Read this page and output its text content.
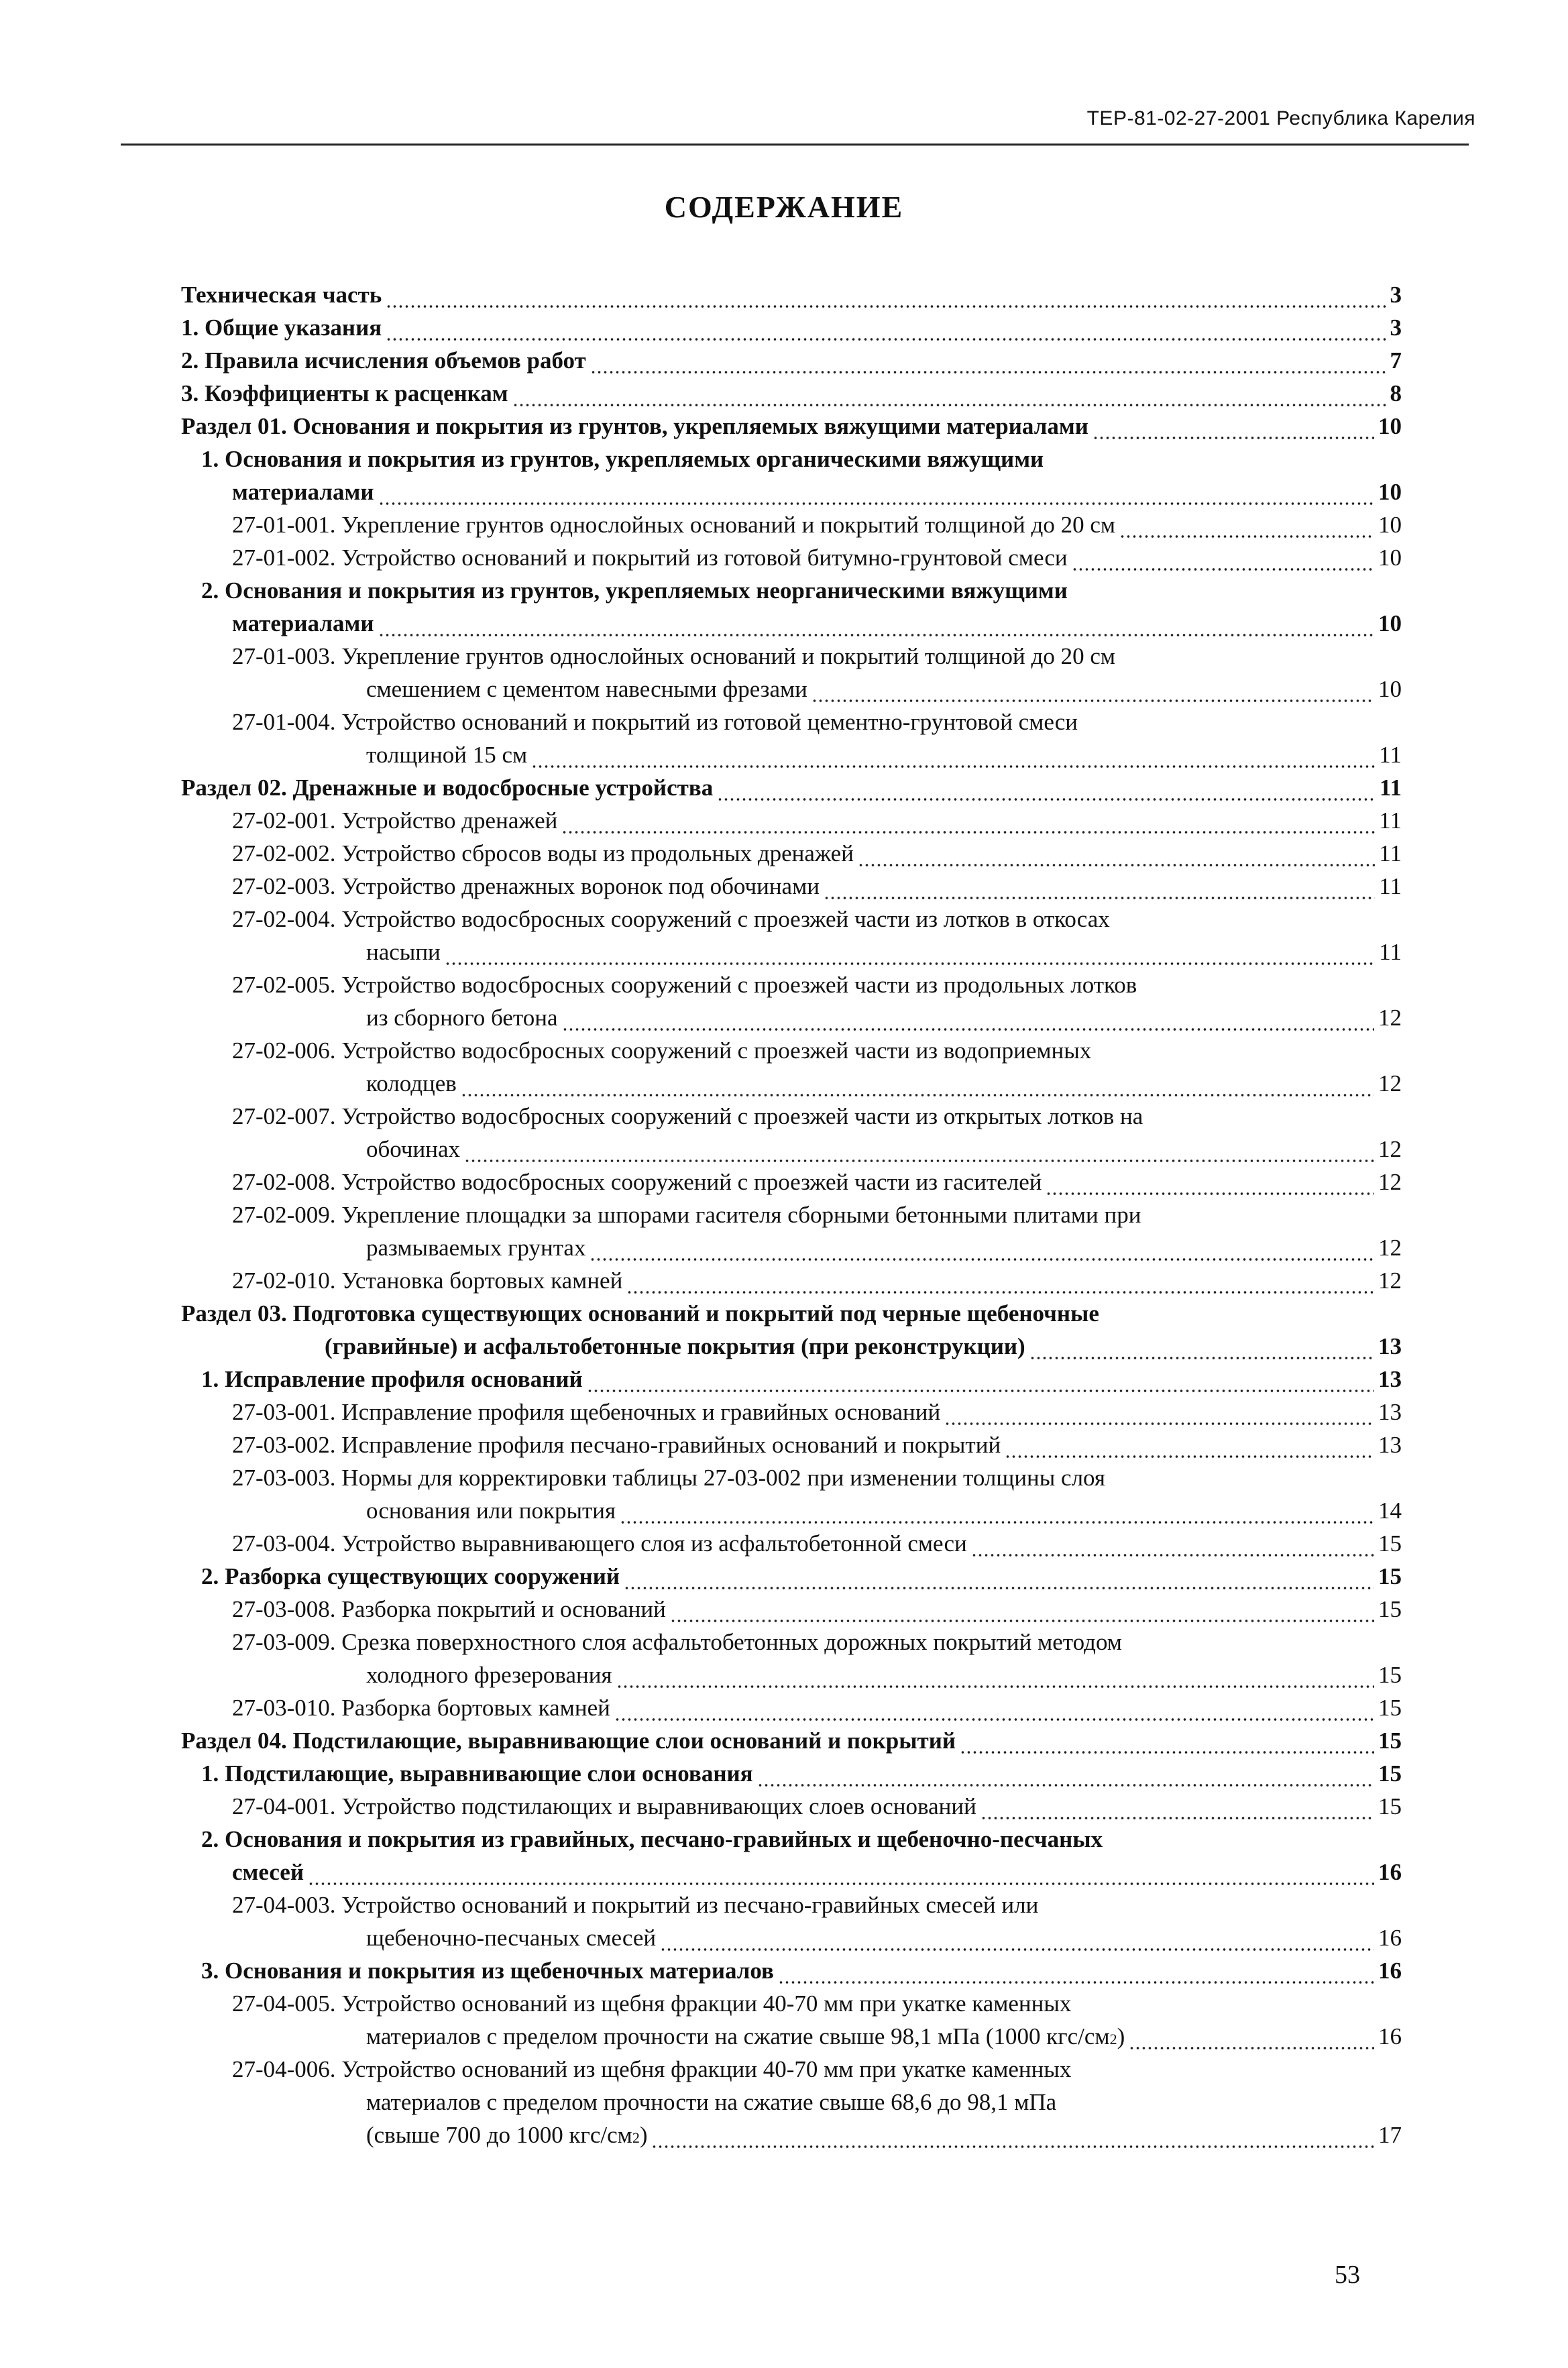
ТЕР-81-02-27-2001 Республика Карелия
СОДЕРЖАНИЕ
Техническая часть	3
1. Общие указания	3
2. Правила исчисления объемов работ	7
3. Коэффициенты к расценкам	8
Раздел 01. Основания и покрытия из грунтов, укрепляемых вяжущими материалами	10
1. Основания и покрытия из грунтов, укрепляемых органическими вяжущими
материалами	10
27-01-001. Укрепление грунтов однослойных оснований и покрытий толщиной до 20 см	10
27-01-002. Устройство оснований и покрытий из готовой битумно-грунтовой смеси	10
2. Основания и покрытия из грунтов, укрепляемых неорганическими вяжущими
материалами	10
27-01-003. Укрепление грунтов однослойных оснований и покрытий толщиной до 20 см
смешением с цементом навесными фрезами	10
27-01-004. Устройство оснований и покрытий из готовой цементно-грунтовой смеси
толщиной 15 см	11
Раздел 02. Дренажные и водосбросные устройства	11
27-02-001. Устройство дренажей	11
27-02-002. Устройство сбросов воды из продольных дренажей	11
27-02-003. Устройство дренажных воронок под обочинами	11
27-02-004. Устройство водосбросных сооружений с проезжей части из лотков в откосах
насыпи	11
27-02-005. Устройство водосбросных сооружений с проезжей части из продольных лотков
из сборного бетона	12
27-02-006. Устройство водосбросных сооружений с проезжей части из водоприемных
колодцев	12
27-02-007. Устройство водосбросных сооружений с проезжей части из открытых лотков на
обочинах	12
27-02-008. Устройство водосбросных сооружений с проезжей части из гасителей	12
27-02-009. Укрепление площадки за шпорами гасителя сборными бетонными плитами при
размываемых грунтах	12
27-02-010. Установка бортовых камней	12
Раздел 03. Подготовка существующих оснований и покрытий под черные щебеночные
(гравийные) и асфальтобетонные покрытия (при реконструкции)	13
1. Исправление профиля оснований	13
27-03-001. Исправление профиля щебеночных и гравийных оснований	13
27-03-002. Исправление профиля песчано-гравийных оснований и покрытий	13
27-03-003. Нормы для корректировки таблицы 27-03-002 при изменении толщины слоя
основания или покрытия	14
27-03-004. Устройство выравнивающего слоя из асфальтобетонной смеси	15
2. Разборка существующих сооружений	15
27-03-008. Разборка покрытий и оснований	15
27-03-009. Срезка поверхностного слоя асфальтобетонных дорожных покрытий методом
холодного фрезерования	15
27-03-010. Разборка бортовых камней	15
Раздел 04. Подстилающие, выравнивающие слои оснований и покрытий	15
1. Подстилающие, выравнивающие слои основания	15
27-04-001. Устройство подстилающих и выравнивающих слоев оснований	15
2. Основания и покрытия из гравийных, песчано-гравийных и щебеночно-песчаных
смесей	16
27-04-003. Устройство оснований и покрытий из песчано-гравийных смесей или
щебеночно-песчаных смесей	16
3. Основания и покрытия из щебеночных материалов	16
27-04-005. Устройство оснований из щебня фракции 40-70 мм при укатке каменных
материалов с пределом прочности на сжатие свыше 98,1 мПа (1000 кгс/см 2 )	16
27-04-006. Устройство оснований из щебня фракции 40-70 мм при укатке каменных
материалов с пределом прочности на сжатие свыше 68,6 до 98,1 мПа
(свыше 700 до 1000 кгс/см 2 )	17
53
